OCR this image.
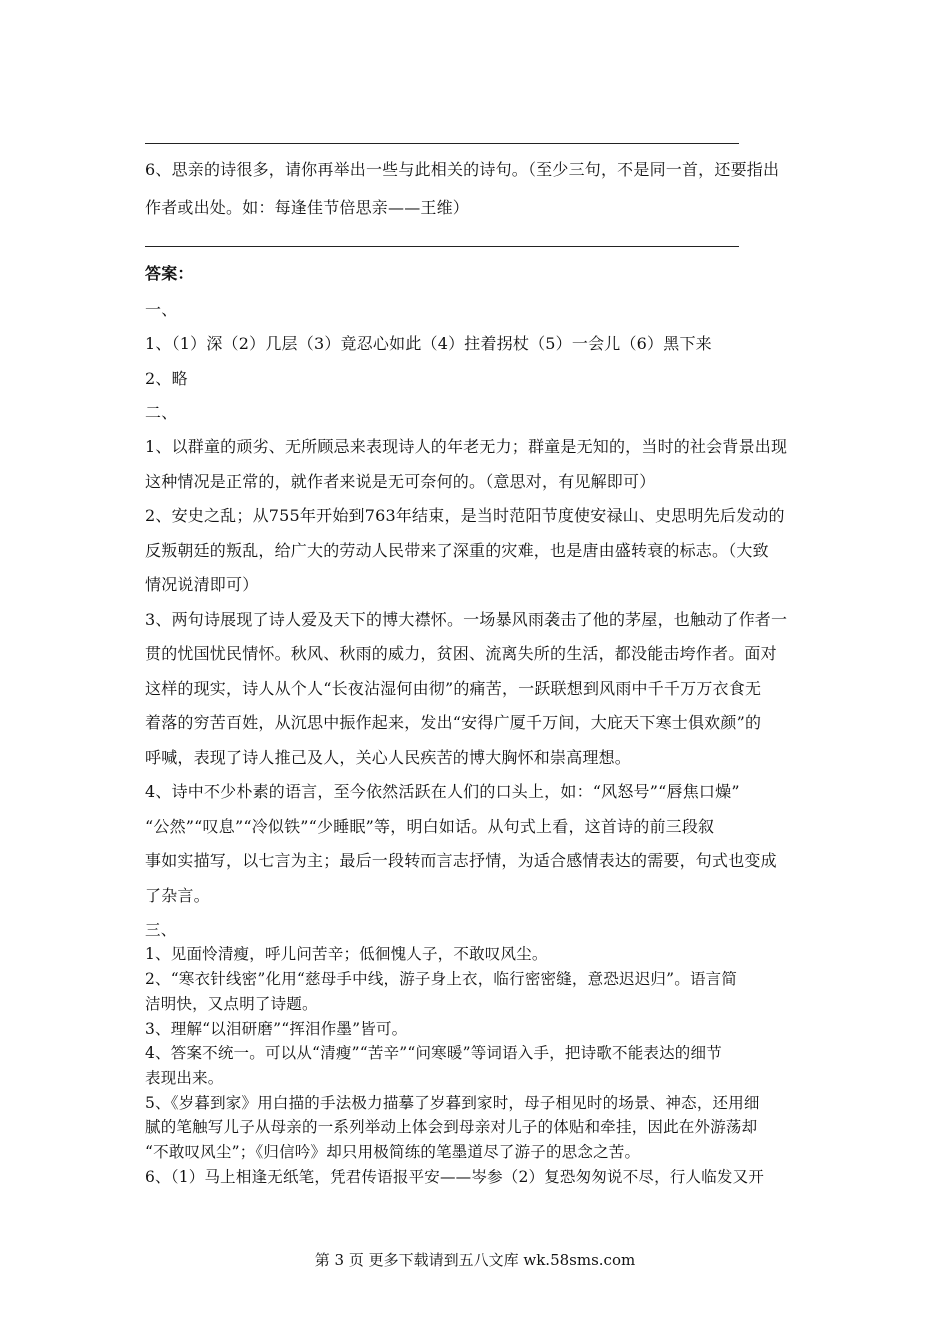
6、思亲的诗很多，请你再举出一些与此相关的诗句。（至少三句，不是同一首，还要指出
作者或出处。如：每逢佳节倍思亲——王维）
答案：
一、
1、（1）深（2）几层（3）竟忍心如此（4）拄着拐杖（5）一会儿（6）黑下来
2、略
二、
1、以群童的顽劣、无所顾忌来表现诗人的年老无力；群童是无知的，当时的社会背景出现
这种情况是正常的，就作者来说是无可奈何的。（意思对，有见解即可）
2、安史之乱；从755年开始到763年结束，是当时范阳节度使安禄山、史思明先后发动的
反叛朝廷的叛乱，给广大的劳动人民带来了深重的灾难，也是唐由盛转衰的标志。（大致
情况说清即可）
3、两句诗展现了诗人爱及天下的博大襟怀。一场暴风雨袭击了他的茅屋，也触动了作者一
贯的忧国忧民情怀。秋风、秋雨的威力，贫困、流离失所的生活，都没能击垮作者。面对
这样的现实，诗人从个人“长夜沾湿何由彻”的痛苦，一跃联想到风雨中千千万万衣食无
着落的穷苦百姓，从沉思中振作起来，发出“安得广厦千万间，大庇天下寒士俱欢颜”的
呼喊，表现了诗人推己及人，关心人民疾苦的博大胸怀和崇高理想。
4、诗中不少朴素的语言，至今依然活跃在人们的口头上，如：“风怒号”“唇焦口燥”
“公然”“叹息”“冷似铁”“少睡眠”等，明白如话。从句式上看，这首诗的前三段叙
事如实描写，以七言为主；最后一段转而言志抒情，为适合感情表达的需要，句式也变成
了杂言。
三、
1、见面怜清瘦，呼儿问苦辛；低徊愧人子，不敢叹风尘。
2、“寒衣针线密”化用“慈母手中线，游子身上衣，临行密密缝，意恐迟迟归”。语言简
洁明快，又点明了诗题。
3、理解“以泪研磨”“挥泪作墨”皆可。
4、答案不统一。可以从“清瘦”“苦辛”“问寒暖”等词语入手，把诗歌不能表达的细节
表现出来。
5、《岁暮到家》用白描的手法极力描摹了岁暮到家时，母子相见时的场景、神态，还用细
腻的笔触写儿子从母亲的一系列举动上体会到母亲对儿子的体贴和牵挂，因此在外游荡却
“不敢叹风尘”；《归信吟》却只用极简练的笔墨道尽了游子的思念之苦。
6、（1）马上相逢无纸笔，凭君传语报平安——岑参（2）复恐匆匆说不尽，行人临发又开
第 3 页 更多下载请到五八文库 wk.58sms.com
